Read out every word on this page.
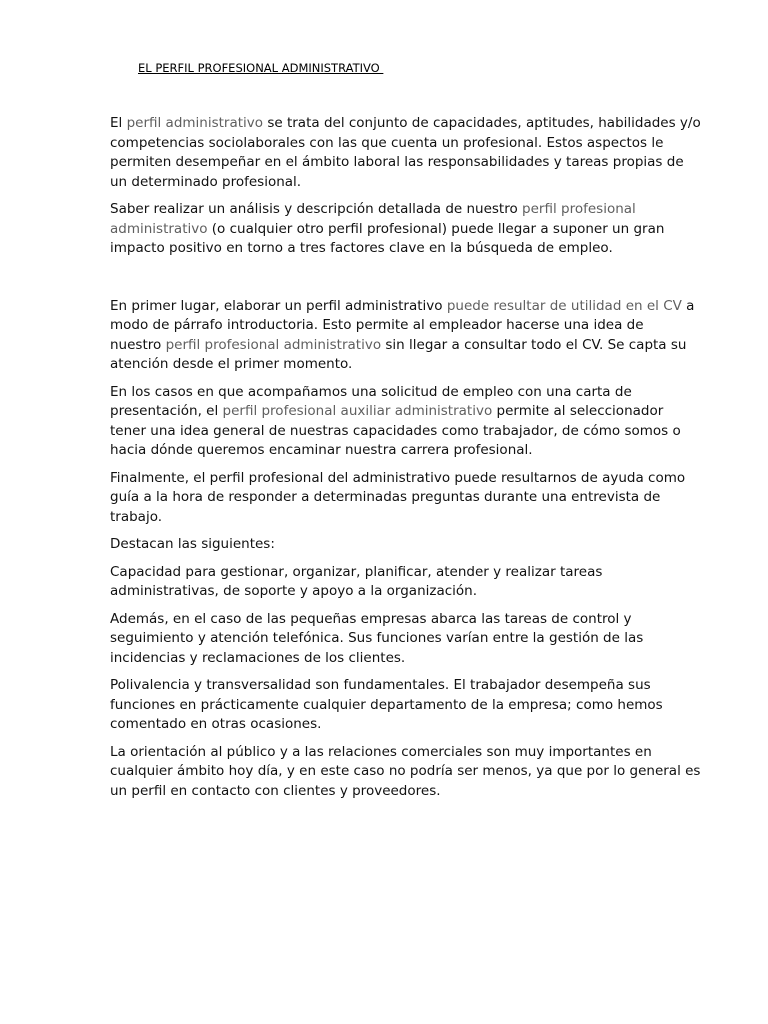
EL PERFIL PROFESIONAL ADMINISTRATIVO

El perfil administrativo se trata del conjunto de capacidades, aptitudes, habilidades y/o
competencias sociolaborales con las que cuenta un profesional. Estos aspectos le
permiten desempeñar en el ámbito laboral las responsabilidades y tareas propias de
un determinado profesional.

Saber realizar un análisis y descripción detallada de nuestro perfil profesional
administrativo (o cualquier otro perfil profesional) puede llegar a suponer un gran
impacto positivo en torno a tres factores clave en la búsqueda de empleo.

En primer lugar, elaborar un perfil administrativo puede resultar de utilidad en el CV a
modo de párrafo introductoria. Esto permite al empleador hacerse una idea de
nuestro perfil profesional administrativo sin llegar a consultar todo el CV. Se capta su
atención desde el primer momento.

En los casos en que acompañamos una solicitud de empleo con una carta de
presentación, el perfil profesional auxiliar administrativo permite al seleccionador
tener una idea general de nuestras capacidades como trabajador, de cómo somos o
hacia dónde queremos encaminar nuestra carrera profesional.

Finalmente, el perfil profesional del administrativo puede resultarnos de ayuda como
guía a la hora de responder a determinadas preguntas durante una entrevista de
trabajo.

Destacan las siguientes:

Capacidad para gestionar, organizar, planificar, atender y realizar tareas
administrativas, de soporte y apoyo a la organización.

Además, en el caso de las pequeñas empresas abarca las tareas de control y
seguimiento y atención telefónica. Sus funciones varían entre la gestión de las
incidencias y reclamaciones de los clientes.

Polivalencia y transversalidad son fundamentales. El trabajador desempeña sus
funciones en prácticamente cualquier departamento de la empresa; como hemos
comentado en otras ocasiones.

La orientación al público y a las relaciones comerciales son muy importantes en
cualquier ámbito hoy día, y en este caso no podría ser menos, ya que por lo general es
un perfil en contacto con clientes y proveedores.
